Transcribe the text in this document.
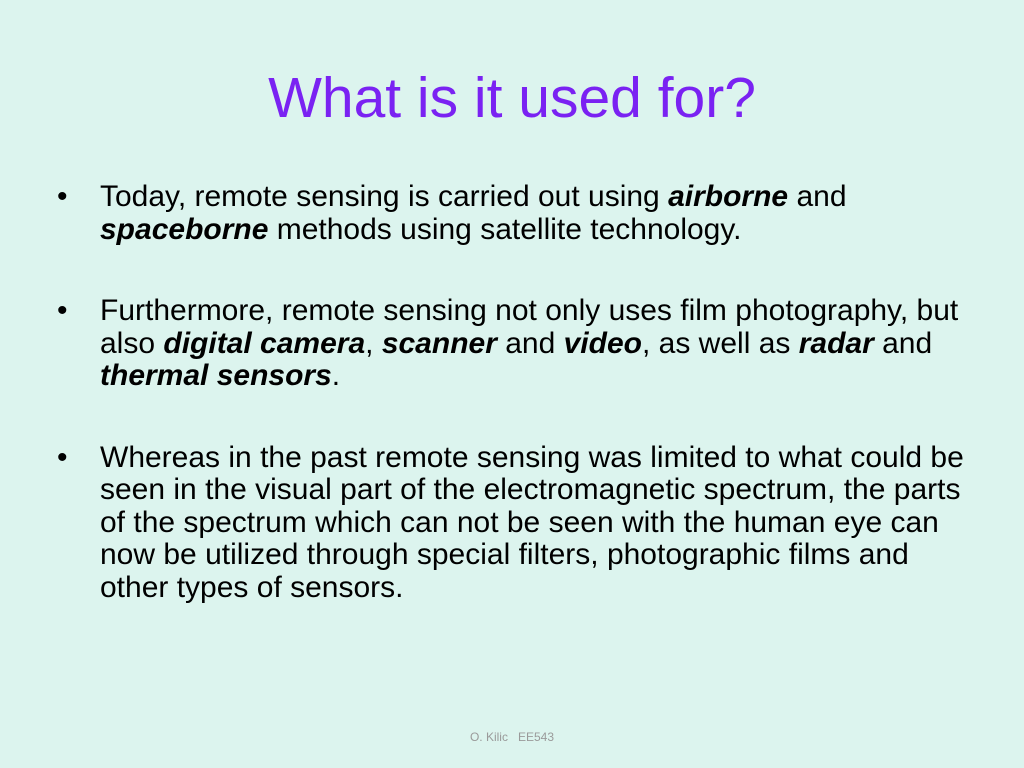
What is it used for?
•	Today, remote sensing is carried out using airborne and spaceborne methods using satellite technology.
•	Furthermore, remote sensing not only uses film photography, but also digital camera, scanner and video, as well as radar and thermal sensors.
•	Whereas in the past remote sensing was limited to what could be seen in the visual part of the electromagnetic spectrum, the parts of the spectrum which can not be seen with the human eye can now be utilized through special filters, photographic films and other types of sensors.
O. Kilic EE543
